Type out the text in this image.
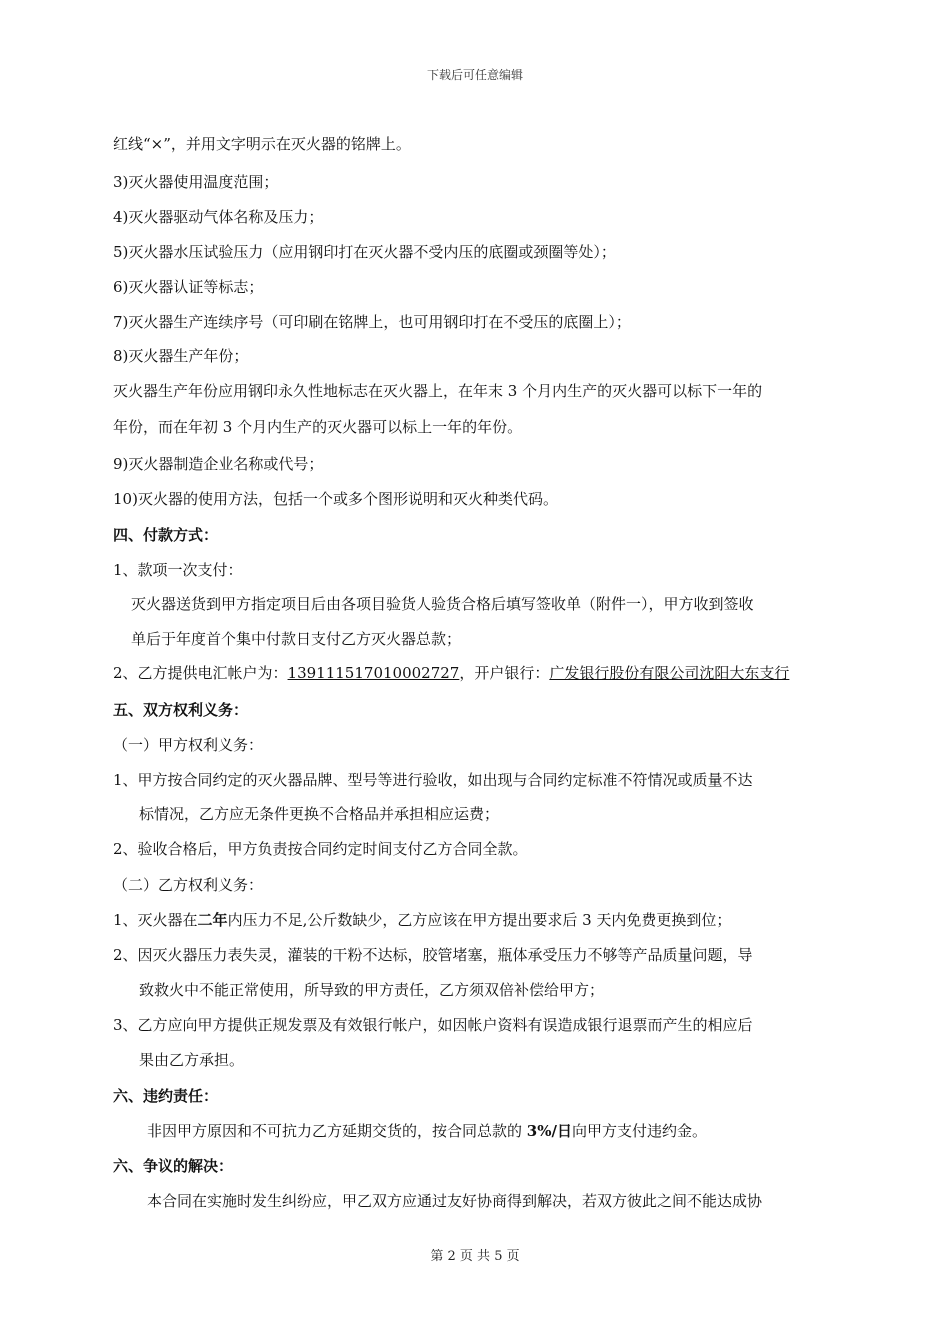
下载后可任意编辑
红线“×”，并用文字明示在灭火器的铭牌上。
3)灭火器使用温度范围；
4)灭火器驱动气体名称及压力；
5)灭火器水压试验压力（应用钢印打在灭火器不受内压的底圈或颈圈等处）；
6)灭火器认证等标志；
7)灭火器生产连续序号（可印刷在铭牌上，也可用钢印打在不受压的底圈上）；
8)灭火器生产年份；
灭火器生产年份应用钢印永久性地标志在灭火器上，在年末 3 个月内生产的灭火器可以标下一年的
年份，而在年初 3 个月内生产的灭火器可以标上一年的年份。
9)灭火器制造企业名称或代号；
10)灭火器的使用方法，包括一个或多个图形说明和灭火种类代码。
四、付款方式：
1、款项一次支付：
灭火器送货到甲方指定项目后由各项目验货人验货合格后填写签收单（附件一），甲方收到签收
单后于年度首个集中付款日支付乙方灭火器总款；
2、乙方提供电汇帐户为：139111517010002727，开户银行：广发银行股份有限公司沈阳大东支行
五、双方权利义务：
（一）甲方权利义务：
1、甲方按合同约定的灭火器品牌、型号等进行验收，如出现与合同约定标准不符情况或质量不达
标情况，乙方应无条件更换不合格品并承担相应运费；
2、验收合格后，甲方负责按合同约定时间支付乙方合同全款。
（二）乙方权利义务：
1、灭火器在二年内压力不足,公斤数缺少，乙方应该在甲方提出要求后 3 天内免费更换到位；
2、因灭火器压力表失灵，灌装的干粉不达标，胶管堵塞，瓶体承受压力不够等产品质量问题，导
致救火中不能正常使用，所导致的甲方责任，乙方须双倍补偿给甲方；
3、乙方应向甲方提供正规发票及有效银行帐户，如因帐户资料有误造成银行退票而产生的相应后
果由乙方承担。
六、违约责任：
非因甲方原因和不可抗力乙方延期交货的，按合同总款的 3%/日向甲方支付违约金。
六、争议的解决：
本合同在实施时发生纠纷应，甲乙双方应通过友好协商得到解决，若双方彼此之间不能达成协
第 2 页 共 5 页
